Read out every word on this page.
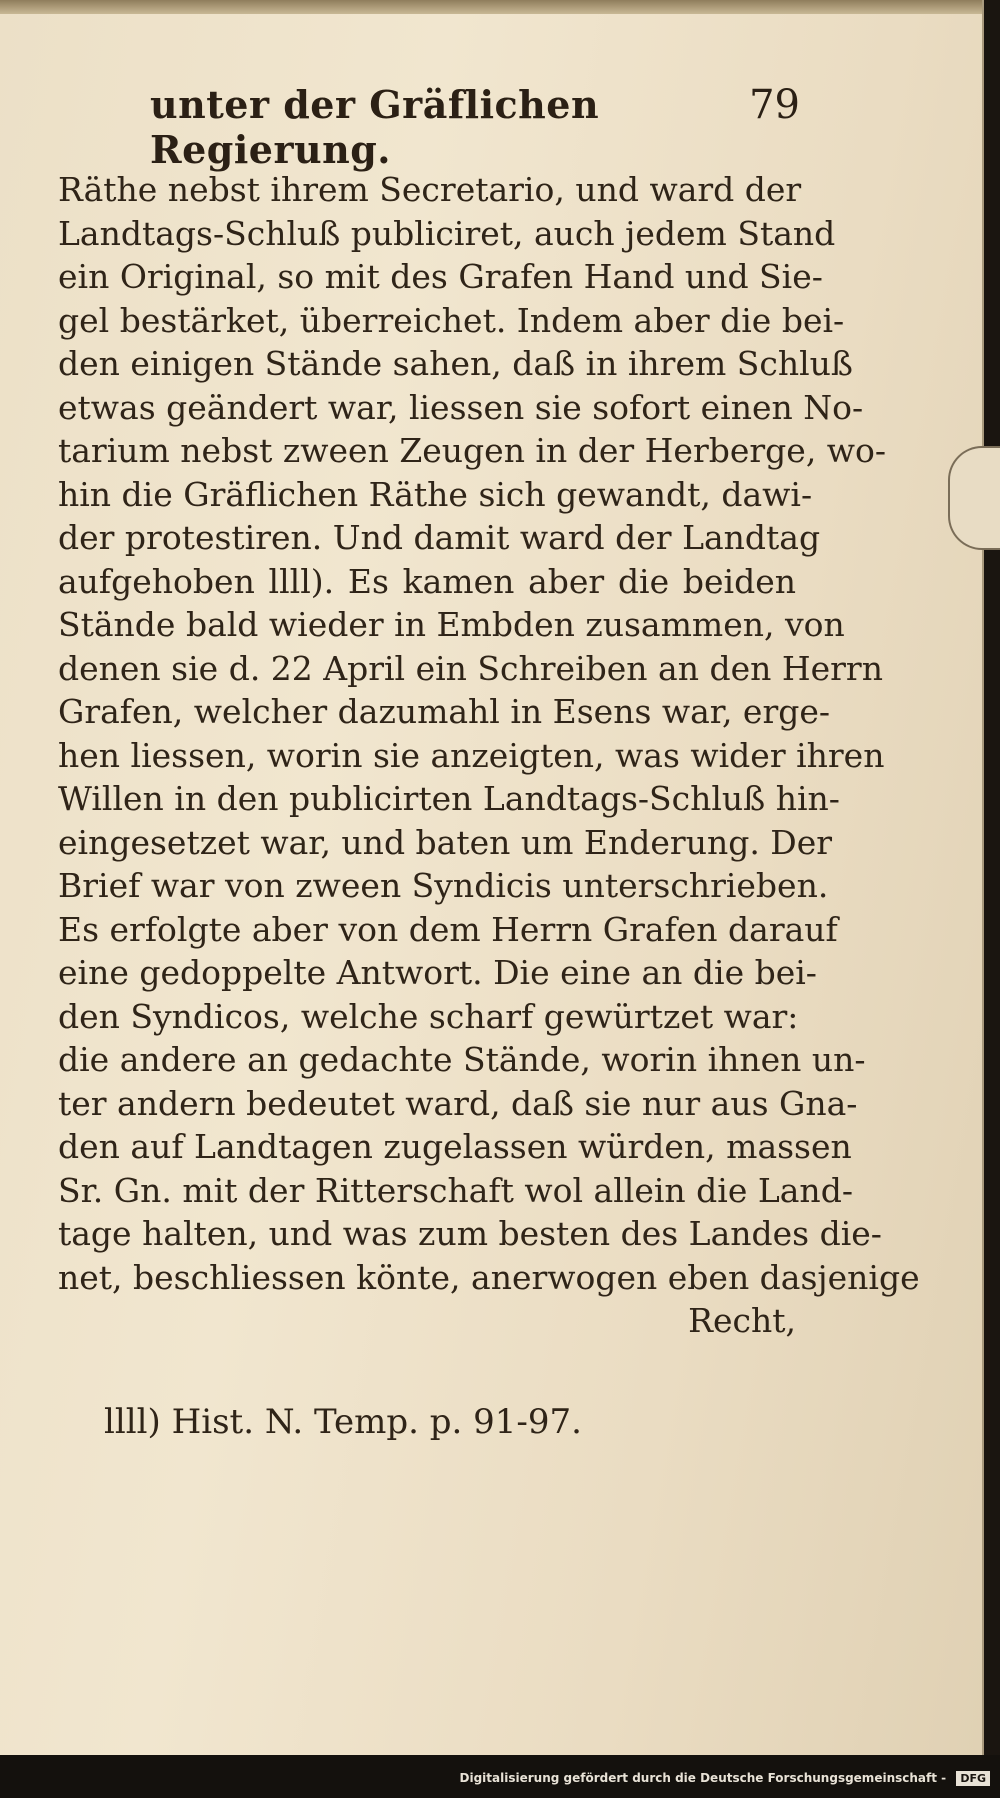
unter der Gräflichen Regierung.
79
Räthe nebst ihrem Secretario, und ward der
Landtags-Schluß publiciret, auch jedem Stand
ein Original, so mit des Grafen Hand und Sie-
gel bestärket, überreichet. Indem aber die bei-
den einigen Stände sahen, daß in ihrem Schluß
etwas geändert war, liessen sie sofort einen No-
tarium nebst zween Zeugen in der Herberge, wo-
hin die Gräflichen Räthe sich gewandt, dawi-
der protestiren. Und damit ward der Landtag
aufgehoben llll). Es kamen aber die beiden
Stände bald wieder in Embden zusammen, von
denen sie d. 22 April ein Schreiben an den Herrn
Grafen, welcher dazumahl in Esens war, erge-
hen liessen, worin sie anzeigten, was wider ihren
Willen in den publicirten Landtags-Schluß hin-
eingesetzet war, und baten um Enderung. Der
Brief war von zween Syndicis unterschrieben.
Es erfolgte aber von dem Herrn Grafen darauf
eine gedoppelte Antwort. Die eine an die bei-
den Syndicos, welche scharf gewürtzet war:
die andere an gedachte Stände, worin ihnen un-
ter andern bedeutet ward, daß sie nur aus Gna-
den auf Landtagen zugelassen würden, massen
Sr. Gn. mit der Ritterschaft wol allein die Land-
tage halten, und was zum besten des Landes die-
net, beschliessen könte, anerwogen eben dasjenige
Recht,
llll) Hist. N. Temp. p. 91-97.
Digitalisierung gefördert durch die Deutsche Forschungsgemeinschaft - DFG
